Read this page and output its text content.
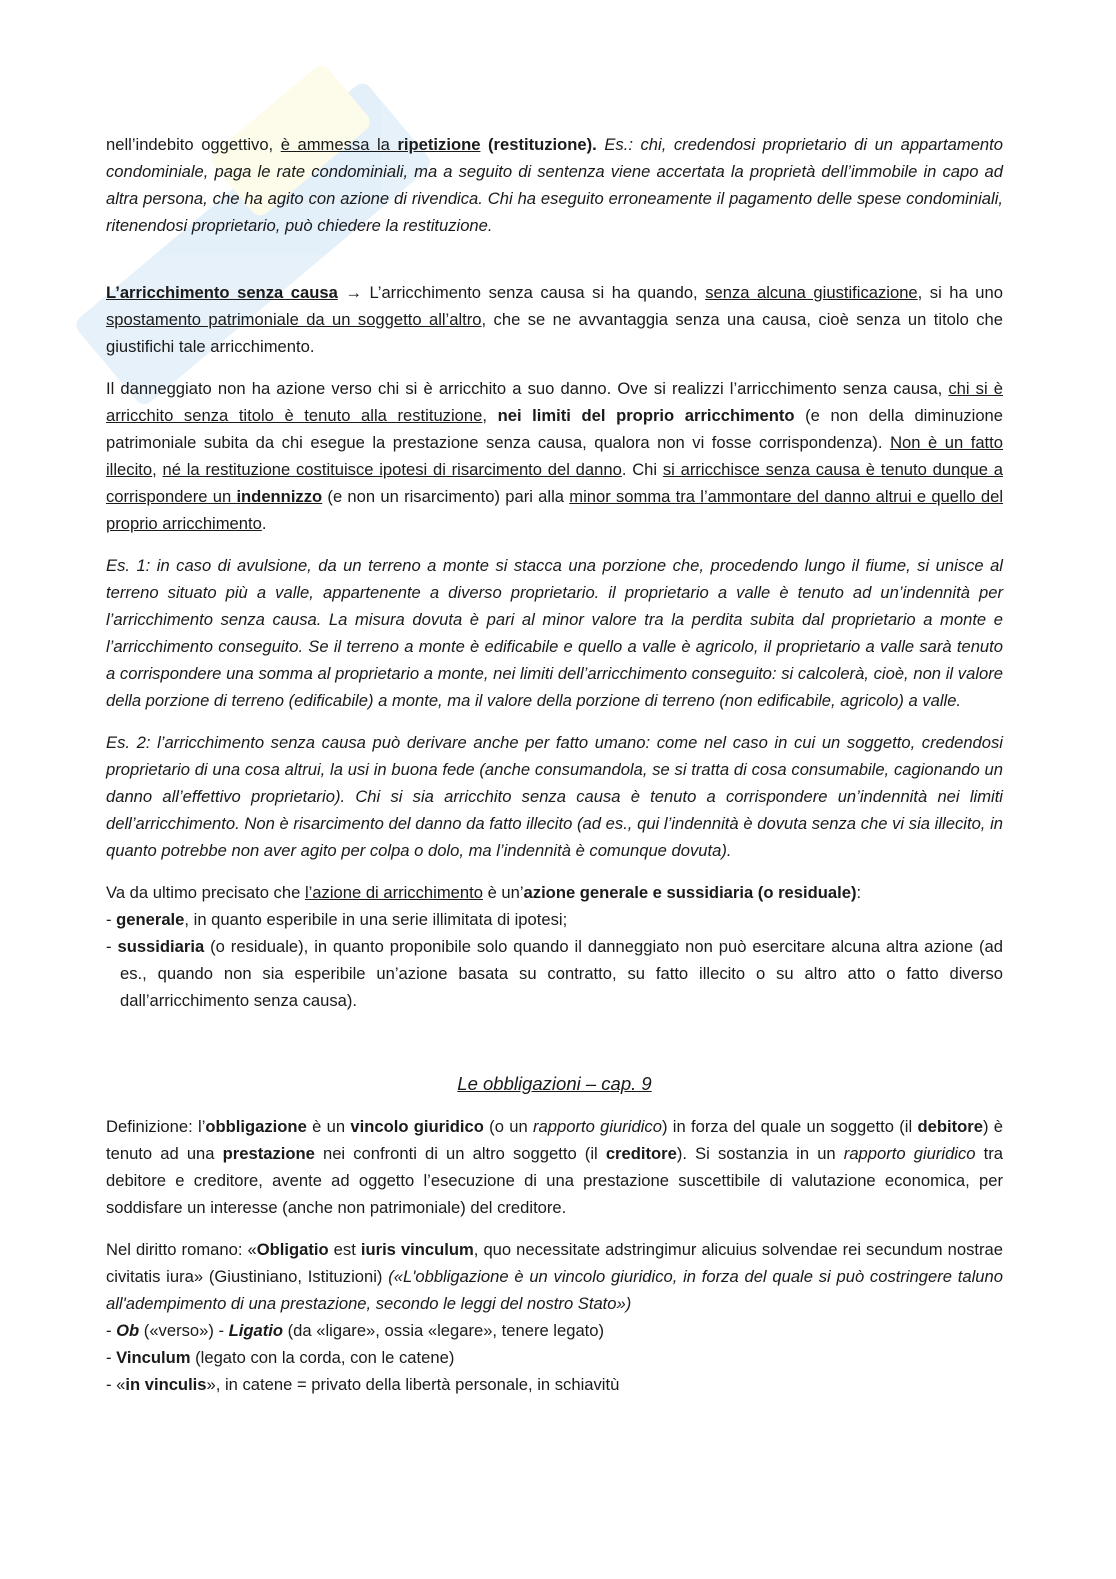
nell’indebito oggettivo, è ammessa la ripetizione (restituzione). Es.: chi, credendosi proprietario di un appartamento condominiale, paga le rate condominiali, ma a seguito di sentenza viene accertata la proprietà dell’immobile in capo ad altra persona, che ha agito con azione di rivendica. Chi ha eseguito erroneamente il pagamento delle spese condominiali, ritenendosi proprietario, può chiedere la restituzione.

L’arricchimento senza causa → L’arricchimento senza causa si ha quando, senza alcuna giustificazione, si ha uno spostamento patrimoniale da un soggetto all’altro, che se ne avvantaggia senza una causa, cioè senza un titolo che giustifichi tale arricchimento.

Il danneggiato non ha azione verso chi si è arricchito a suo danno. Ove si realizzi l’arricchimento senza causa, chi si è arricchito senza titolo è tenuto alla restituzione, nei limiti del proprio arricchimento (e non della diminuzione patrimoniale subita da chi esegue la prestazione senza causa, qualora non vi fosse corrispondenza). Non è un fatto illecito, né la restituzione costituisce ipotesi di risarcimento del danno. Chi si arricchisce senza causa è tenuto dunque a corrispondere un indennizzo (e non un risarcimento) pari alla minor somma tra l’ammontare del danno altrui e quello del proprio arricchimento.

Es. 1: in caso di avulsione, da un terreno a monte si stacca una porzione che, procedendo lungo il fiume, si unisce al terreno situato più a valle, appartenente a diverso proprietario. il proprietario a valle è tenuto ad un’indennità per l’arricchimento senza causa. La misura dovuta è pari al minor valore tra la perdita subita dal proprietario a monte e l’arricchimento conseguito. Se il terreno a monte è edificabile e quello a valle è agricolo, il proprietario a valle sarà tenuto a corrispondere una somma al proprietario a monte, nei limiti dell’arricchimento conseguito: si calcolerà, cioè, non il valore della porzione di terreno (edificabile) a monte, ma il valore della porzione di terreno (non edificabile, agricolo) a valle.

Es. 2: l’arricchimento senza causa può derivare anche per fatto umano: come nel caso in cui un soggetto, credendosi proprietario di una cosa altrui, la usi in buona fede (anche consumandola, se si tratta di cosa consumabile, cagionando un danno all’effettivo proprietario). Chi si sia arricchito senza causa è tenuto a corrispondere un’indennità nei limiti dell’arricchimento. Non è risarcimento del danno da fatto illecito (ad es., qui l’indennità è dovuta senza che vi sia illecito, in quanto potrebbe non aver agito per colpa o dolo, ma l’indennità è comunque dovuta).

Va da ultimo precisato che l’azione di arricchimento è un’azione generale e sussidiaria (o residuale):

- generale, in quanto esperibile in una serie illimitata di ipotesi;

- sussidiaria (o residuale), in quanto proponibile solo quando il danneggiato non può esercitare alcuna altra azione (ad es., quando non sia esperibile un’azione basata su contratto, su fatto illecito o su altro atto o fatto diverso dall’arricchimento senza causa).

Le obbligazioni – cap. 9

Definizione: l’obbligazione è un vincolo giuridico (o un rapporto giuridico) in forza del quale un soggetto (il debitore) è tenuto ad una prestazione nei confronti di un altro soggetto (il creditore). Si sostanzia in un rapporto giuridico tra debitore e creditore, avente ad oggetto l’esecuzione di una prestazione suscettibile di valutazione economica, per soddisfare un interesse (anche non patrimoniale) del creditore.

Nel diritto romano: «Obligatio est iuris vinculum, quo necessitate adstringimur alicuius solvendae rei secundum nostrae civitatis iura» (Giustiniano, Istituzioni) («L'obbligazione è un vincolo giuridico, in forza del quale si può costringere taluno all'adempimento di una prestazione, secondo le leggi del nostro Stato»)

- Ob («verso») - Ligatio (da «ligare», ossia «legare», tenere legato)

- Vinculum (legato con la corda, con le catene)

- «in vinculis», in catene = privato della libertà personale, in schiavitù
